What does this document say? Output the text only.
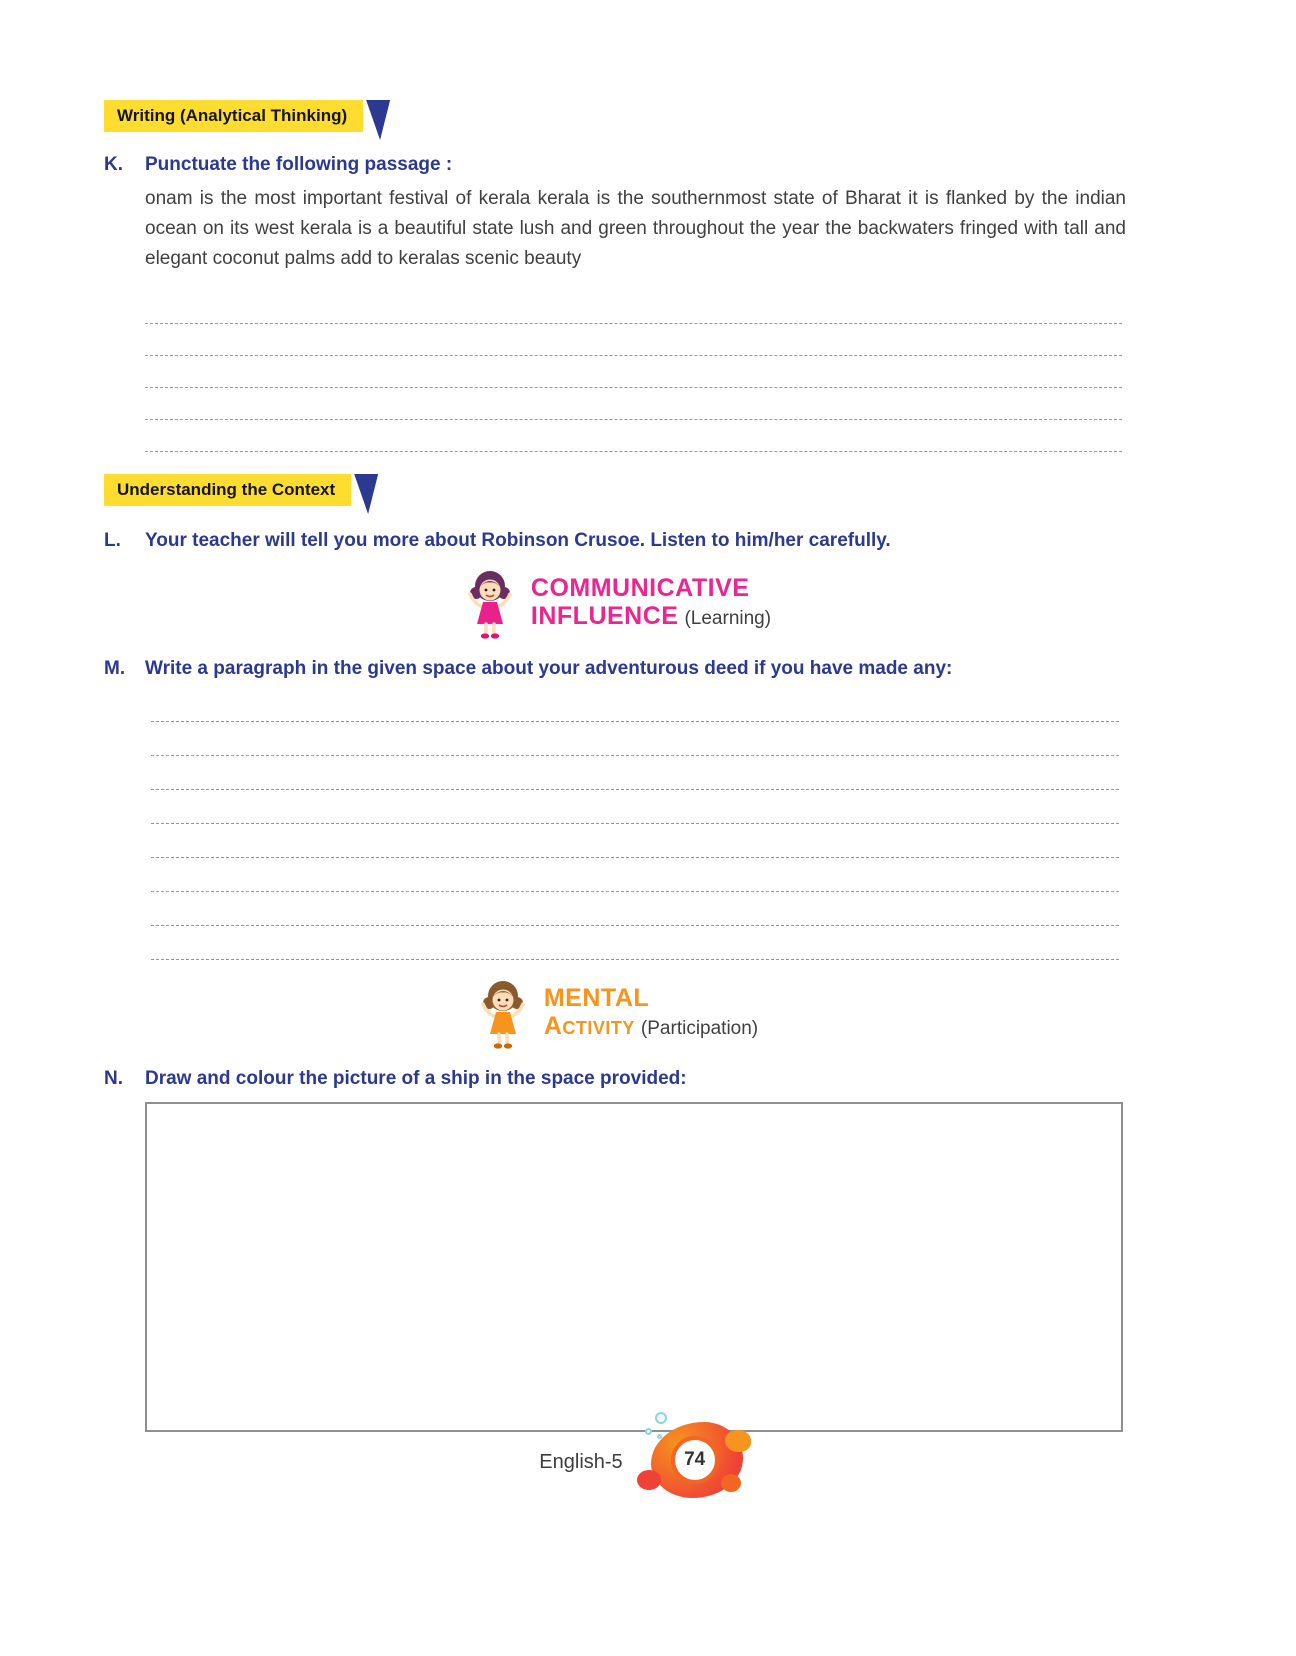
Writing (Analytical Thinking)
K.	Punctuate the following passage :

onam is the most important festival of kerala kerala is the southernmost state of Bharat it is flanked by the indian ocean on its west kerala is a beautiful state lush and green throughout the year the backwaters fringed with tall and elegant coconut palms add to keralas scenic beauty

Understanding the Context
L.	Your teacher will tell you more about Robinson Crusoe. Listen to him/her carefully.
COMMUNICATIVE
INFLUENCE (Learning)
M.	Write a paragraph in the given space about your adventurous deed if you have made any:
MENTAL
Activity (Participation)
N.	Draw and colour the picture of a ship in the space provided:
English-5	74
